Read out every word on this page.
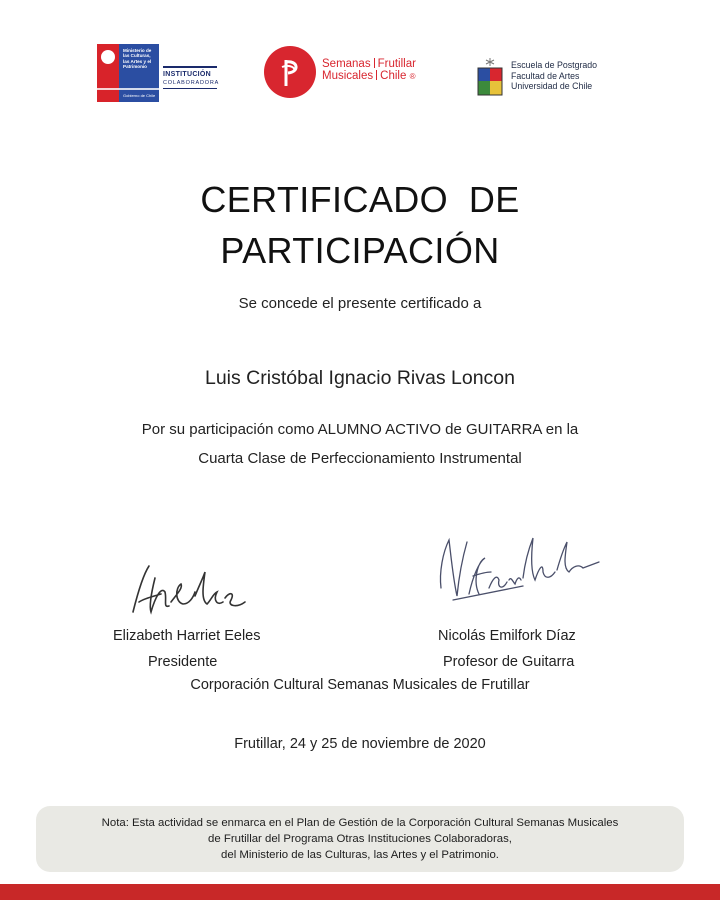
Ministerio de
las Culturas,
las Artes y el
Patrimonio
Gobierno de Chile
INSTITUCIÓN
COLABORADORA
Semanas Frutillar
Musicales Chile ®
Escuela de Postgrado
Facultad de Artes
Universidad de Chile
CERTIFICADO  DE
PARTICIPACIÓN
Se concede el presente certificado a
Luis Cristóbal Ignacio Rivas Loncon
Por su participación como ALUMNO ACTIVO de GUITARRA en la
Cuarta Clase de Perfeccionamiento Instrumental
Elizabeth Harriet Eeles
Presidente
Nicolás Emilfork Díaz
Profesor de Guitarra
Corporación Cultural Semanas Musicales de Frutillar
Frutillar, 24 y 25 de noviembre de 2020
Nota: Esta actividad se enmarca en el Plan de Gestión de la Corporación Cultural Semanas Musicales
de Frutillar del Programa Otras Instituciones Colaboradoras,
del Ministerio de las Culturas, las Artes y el Patrimonio.
